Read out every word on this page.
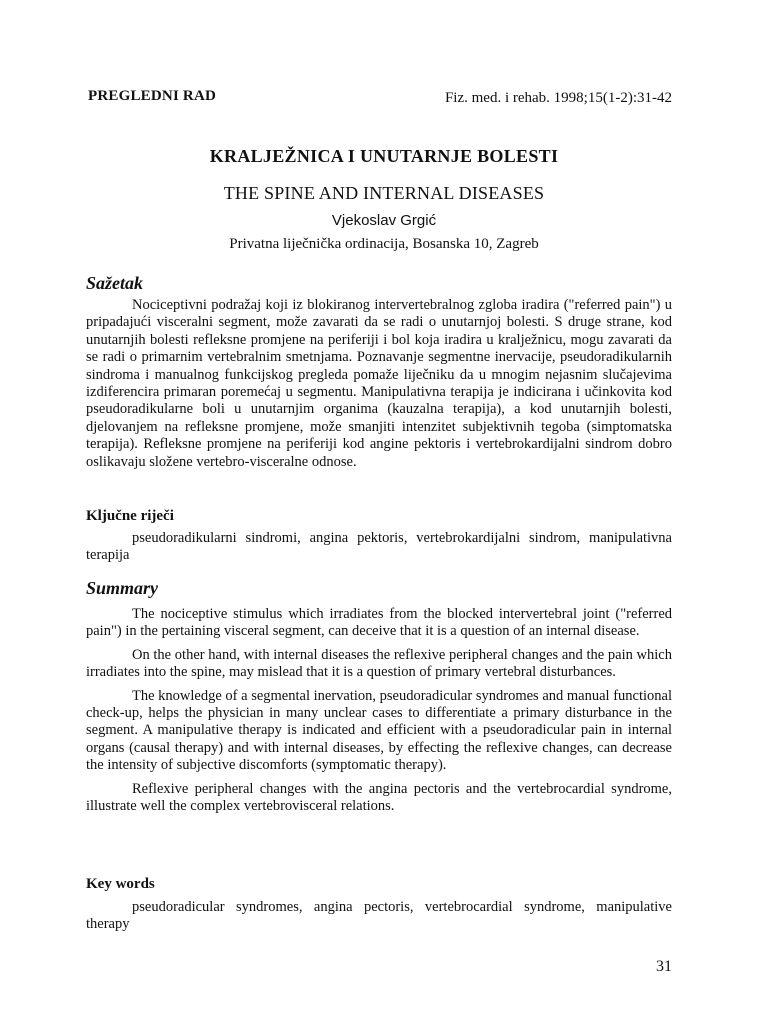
PREGLEDNI RAD	Fiz. med. i rehab. 1998;15(1-2):31-42
KRALJEŽNICA I UNUTARNJE BOLESTI
THE SPINE AND INTERNAL DISEASES
Vjekoslav Grgić
Privatna liječnička ordinacija, Bosanska 10, Zagreb
Sažetak

Nociceptivni podražaj koji iz blokiranog intervertebralnog zgloba iradira ("referred pain") u pripadajući visceralni segment, može zavarati da se radi o unutarnjoj bolesti. S druge strane, kod unutarnjih bolesti refleksne promjene na periferiji i bol koja iradira u kralježnicu, mogu zavarati da se radi o primarnim vertebralnim smetnjama. Poznavanje segmentne inervacije, pseudoradikularnih sindroma i manualnog funkcijskog pregleda pomaže liječniku da u mnogim nejasnim slučajevima izdiferencira primaran poremećaj u segmentu. Manipulativna terapija je indicirana i učinkovita kod pseudoradikularne boli u unutarnjim organima (kauzalna terapija), a kod unutarnjih bolesti, djelovanjem na refleksne promjene, može smanjiti intenzitet subjektivnih tegoba (simptomatska terapija). Refleksne promjene na periferiji kod angine pektoris i vertebrokardijalni sindrom dobro oslikavaju složene vertebro-visceralne odnose.

Ključne riječi

pseudoradikularni sindromi, angina pektoris, vertebrokardijalni sindrom, manipulativna terapija

Summary

The nociceptive stimulus which irradiates from the blocked intervertebral joint ("referred pain") in the pertaining visceral segment, can deceive that it is a question of an internal disease.

On the other hand, with internal diseases the reflexive peripheral changes and the pain which irradiates into the spine, may mislead that it is a question of primary vertebral disturbances.

The knowledge of a segmental inervation, pseudoradicular syndromes and manual functional check-up, helps the physician in many unclear cases to differentiate a primary disturbance in the segment. A manipulative therapy is indicated and efficient with a pseudoradicular pain in internal organs (causal therapy) and with internal diseases, by effecting the reflexive changes, can decrease the intensity of subjective discomforts (symptomatic therapy).

Reflexive peripheral changes with the angina pectoris and the vertebrocardial syndrome, illustrate well the complex vertebrovisceral relations.

Key words

pseudoradicular syndromes, angina pectoris, vertebrocardial syndrome, manipulative therapy

31
